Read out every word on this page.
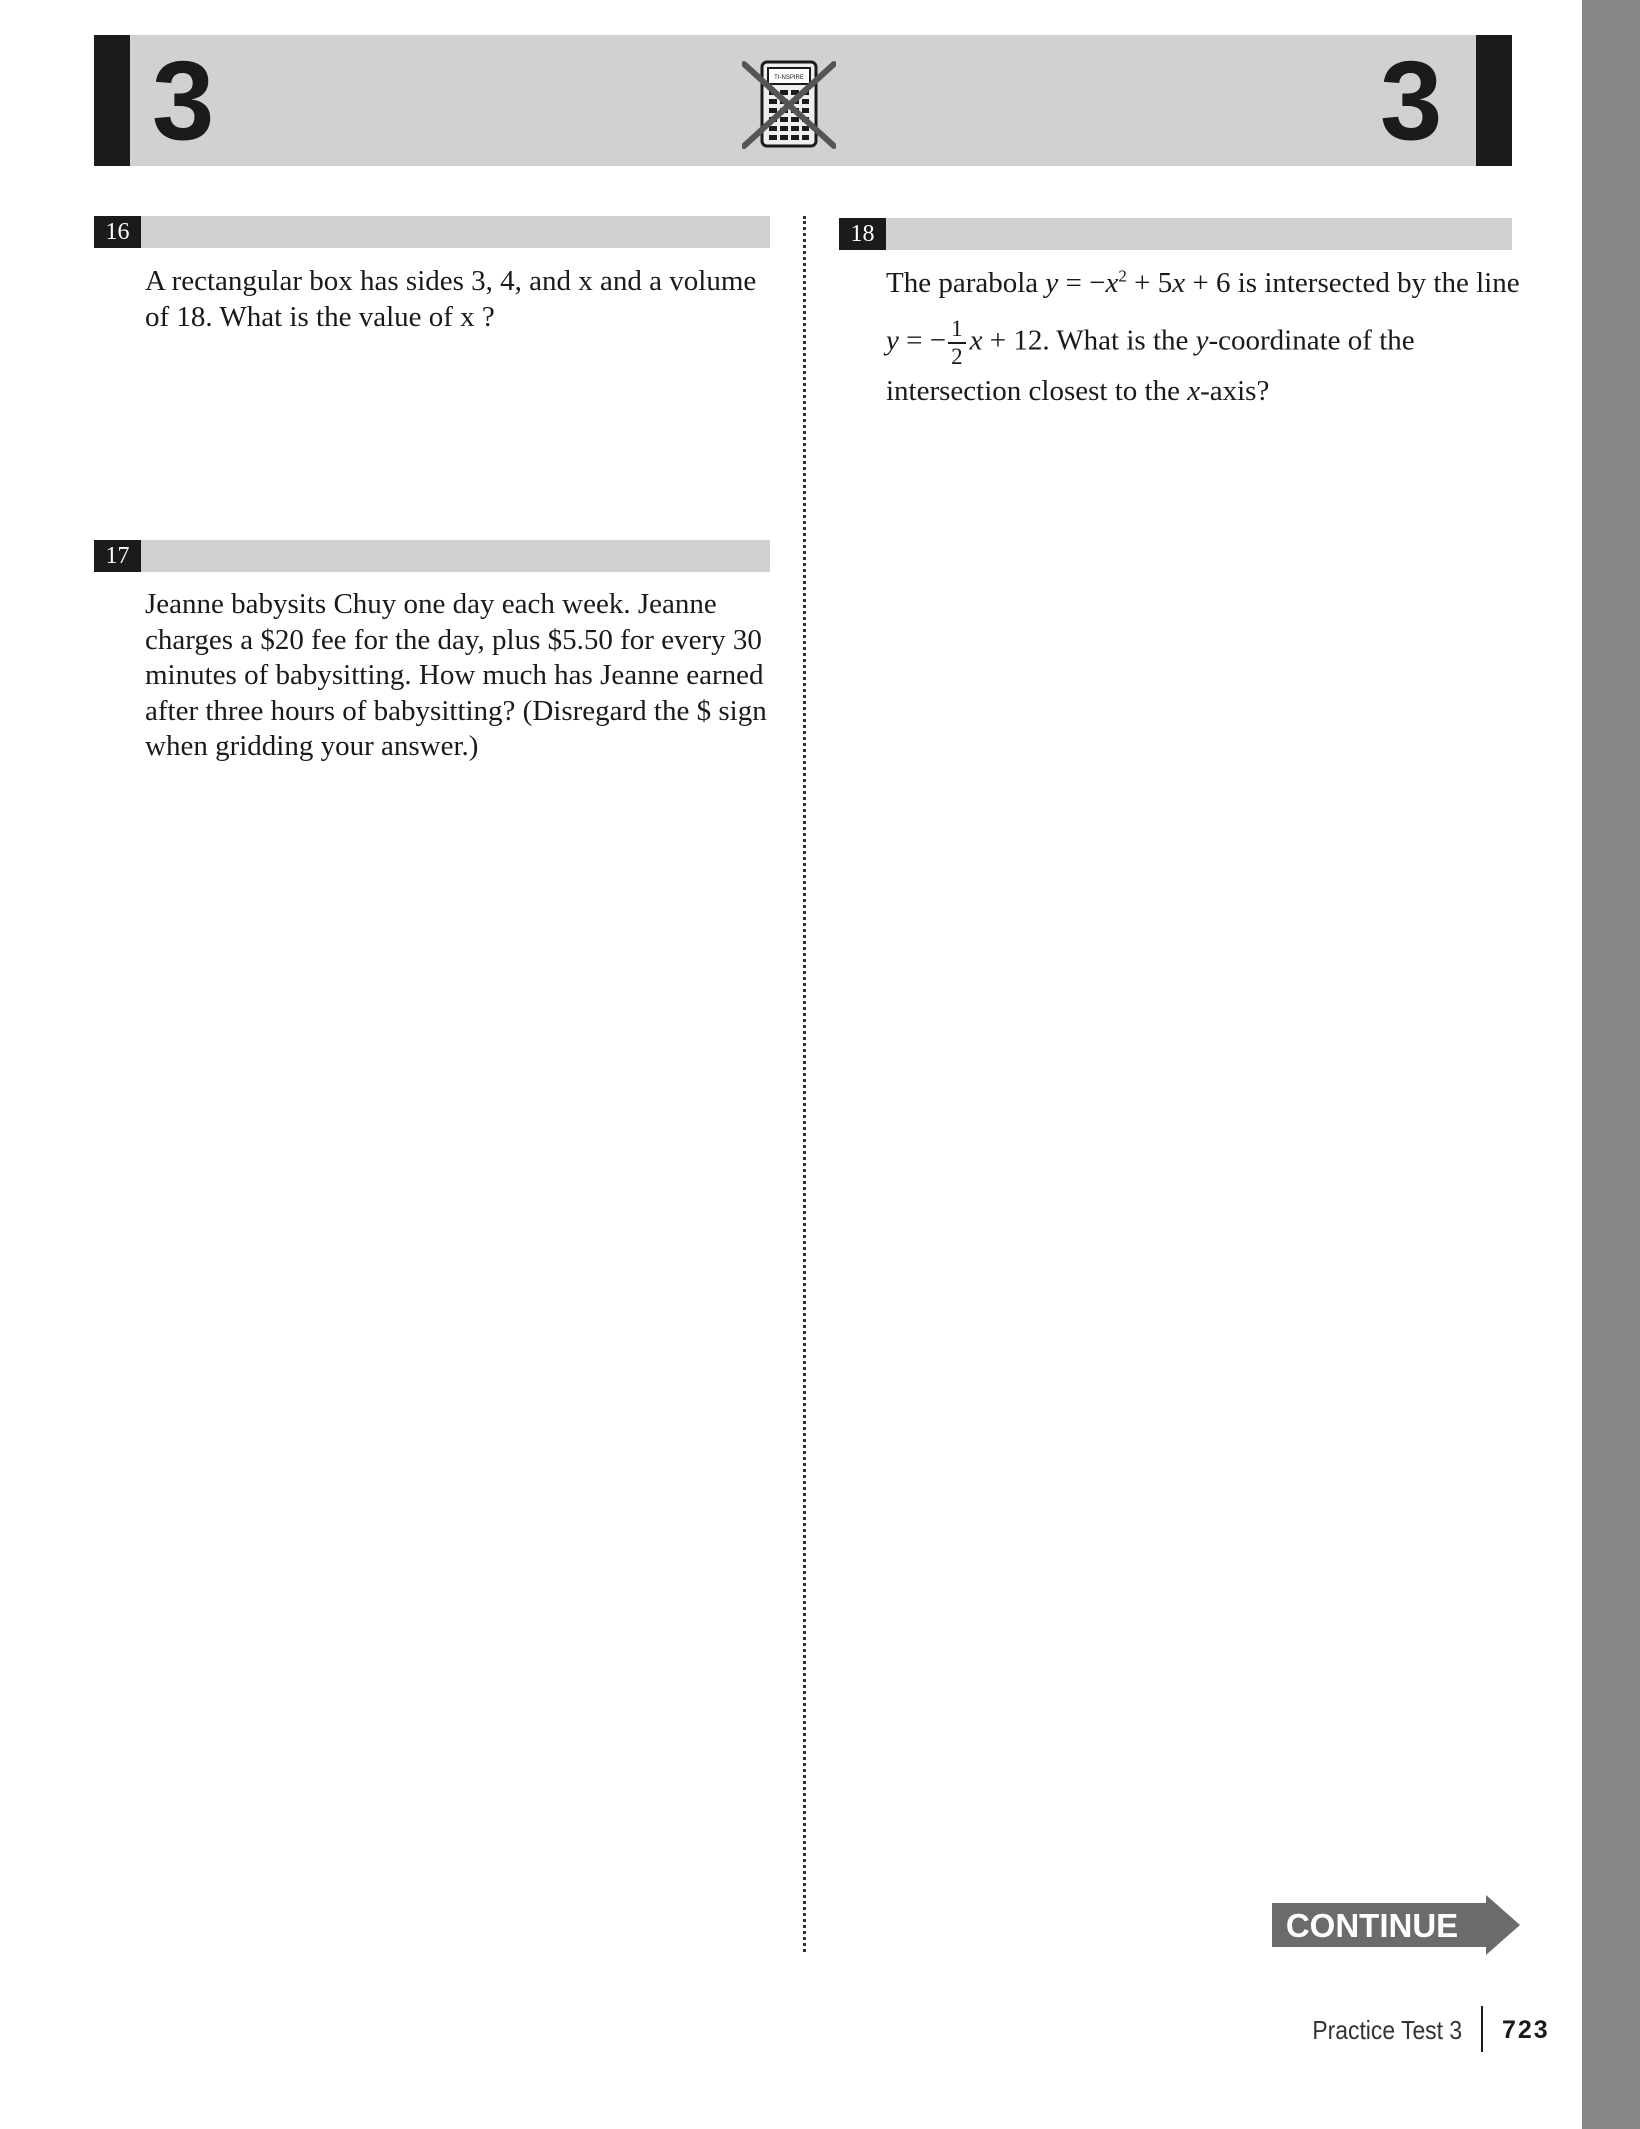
3	3
TI-NSPIRE
16

A rectangular box has sides 3, 4, and x and a volume of 18. What is the value of x ?

17

Jeanne babysits Chuy one day each week. Jeanne charges a $20 fee for the day, plus $5.50 for every 30 minutes of babysitting. How much has Jeanne earned after three hours of babysitting? (Disregard the $ sign when gridding your answer.)

18
The parabola $y = -x^2 + 5x + 6$ is intersected by the line
y = − $\frac{1}{2}$ x + 12. What is the y-coordinate of the
intersection closest to the x-axis?
CONTINUE
Practice Test 3 723
